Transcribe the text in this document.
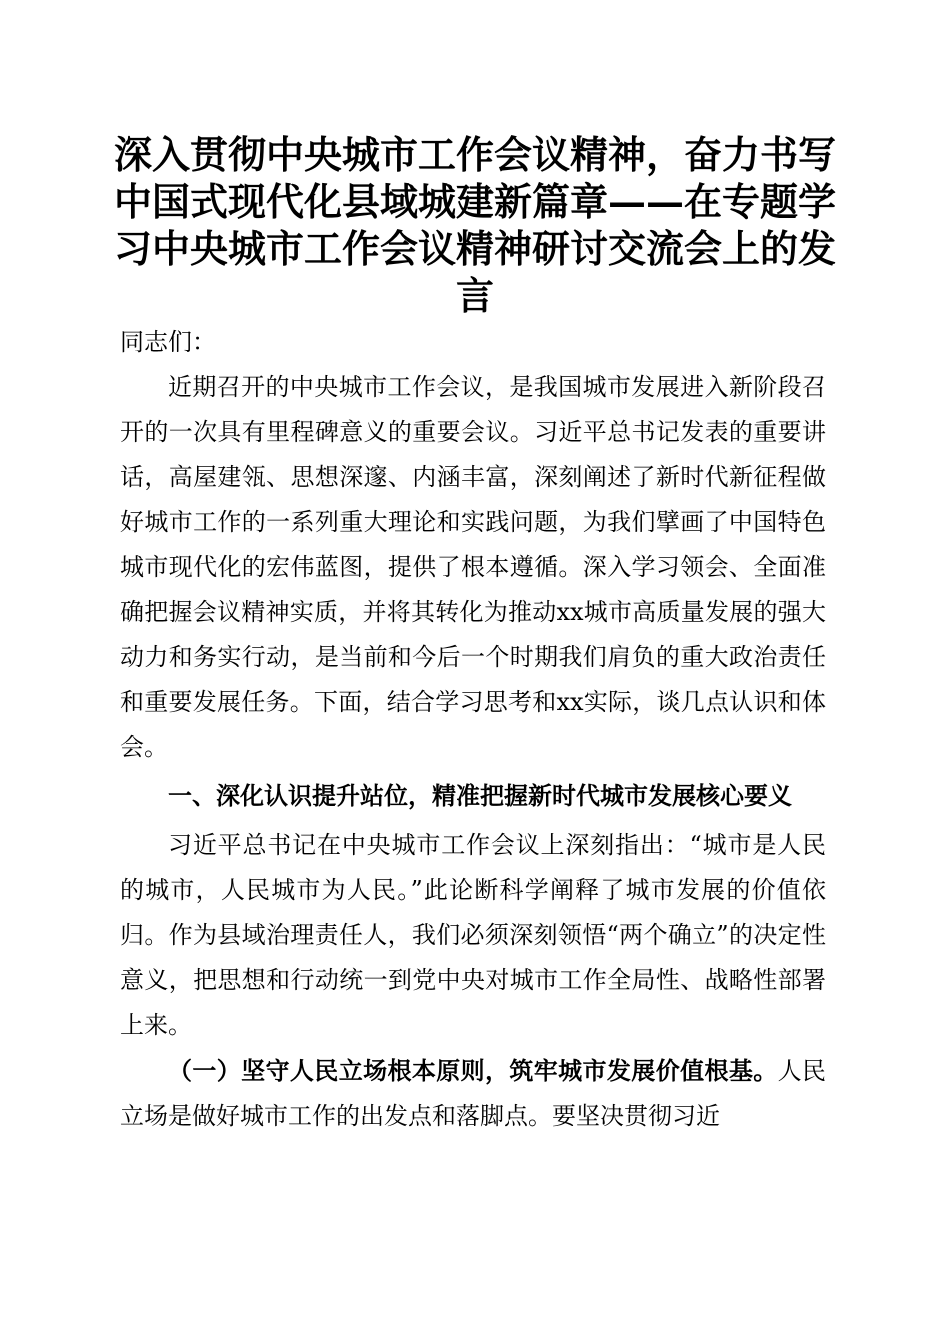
深入贯彻中央城市工作会议精神，奋力书写中国式现代化县域城建新篇章——在专题学习中央城市工作会议精神研讨交流会上的发言

同志们：

近期召开的中央城市工作会议，是我国城市发展进入新阶段召开的一次具有里程碑意义的重要会议。习近平总书记发表的重要讲话，高屋建瓴、思想深邃、内涵丰富，深刻阐述了新时代新征程做好城市工作的一系列重大理论和实践问题，为我们擘画了中国特色城市现代化的宏伟蓝图，提供了根本遵循。深入学习领会、全面准确把握会议精神实质，并将其转化为推动xx城市高质量发展的强大动力和务实行动，是当前和今后一个时期我们肩负的重大政治责任和重要发展任务。下面，结合学习思考和xx实际，谈几点认识和体会。

一、深化认识提升站位，精准把握新时代城市发展核心要义

习近平总书记在中央城市工作会议上深刻指出：“城市是人民的城市，人民城市为人民。”此论断科学阐释了城市发展的价值依归。作为县域治理责任人，我们必须深刻领悟“两个确立”的决定性意义，把思想和行动统一到党中央对城市工作全局性、战略性部署上来。

（一）坚守人民立场根本原则，筑牢城市发展价值根基。人民立场是做好城市工作的出发点和落脚点。要坚决贯彻习近
